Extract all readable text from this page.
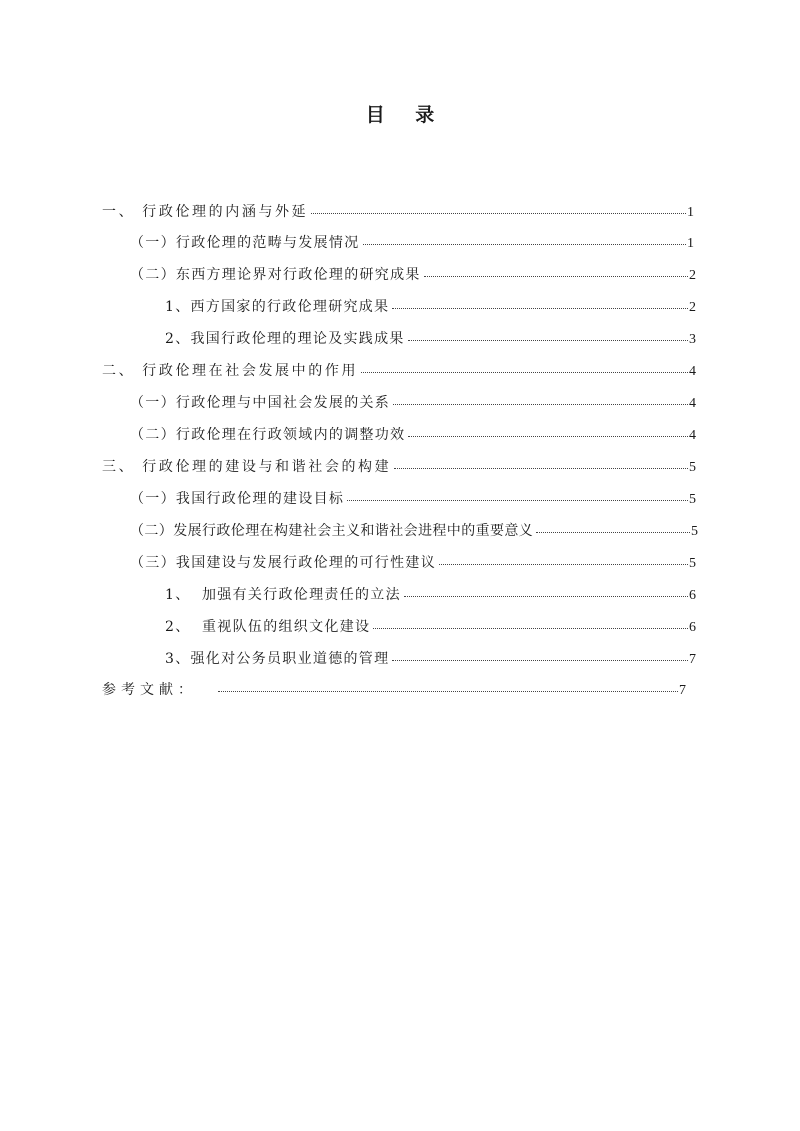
目 录
一、 行政伦理的内涵与外延	1
（一）行政伦理的范畴与发展情况	1
（二）东西方理论界对行政伦理的研究成果	2
1、西方国家的行政伦理研究成果	2
2、我国行政伦理的理论及实践成果	3
二、 行政伦理在社会发展中的作用	4
（一）行政伦理与中国社会发展的关系	4
（二）行政伦理在行政领域内的调整功效	4
三、 行政伦理的建设与和谐社会的构建	5
（一）我国行政伦理的建设目标	5
（二）发展行政伦理在构建社会主义和谐社会进程中的重要意义	5
（三）我国建设与发展行政伦理的可行性建议	5
1、  加强有关行政伦理责任的立法	6
2、  重视队伍的组织文化建设	6
3、强化对公务员职业道德的管理	7
参考文献：	7
